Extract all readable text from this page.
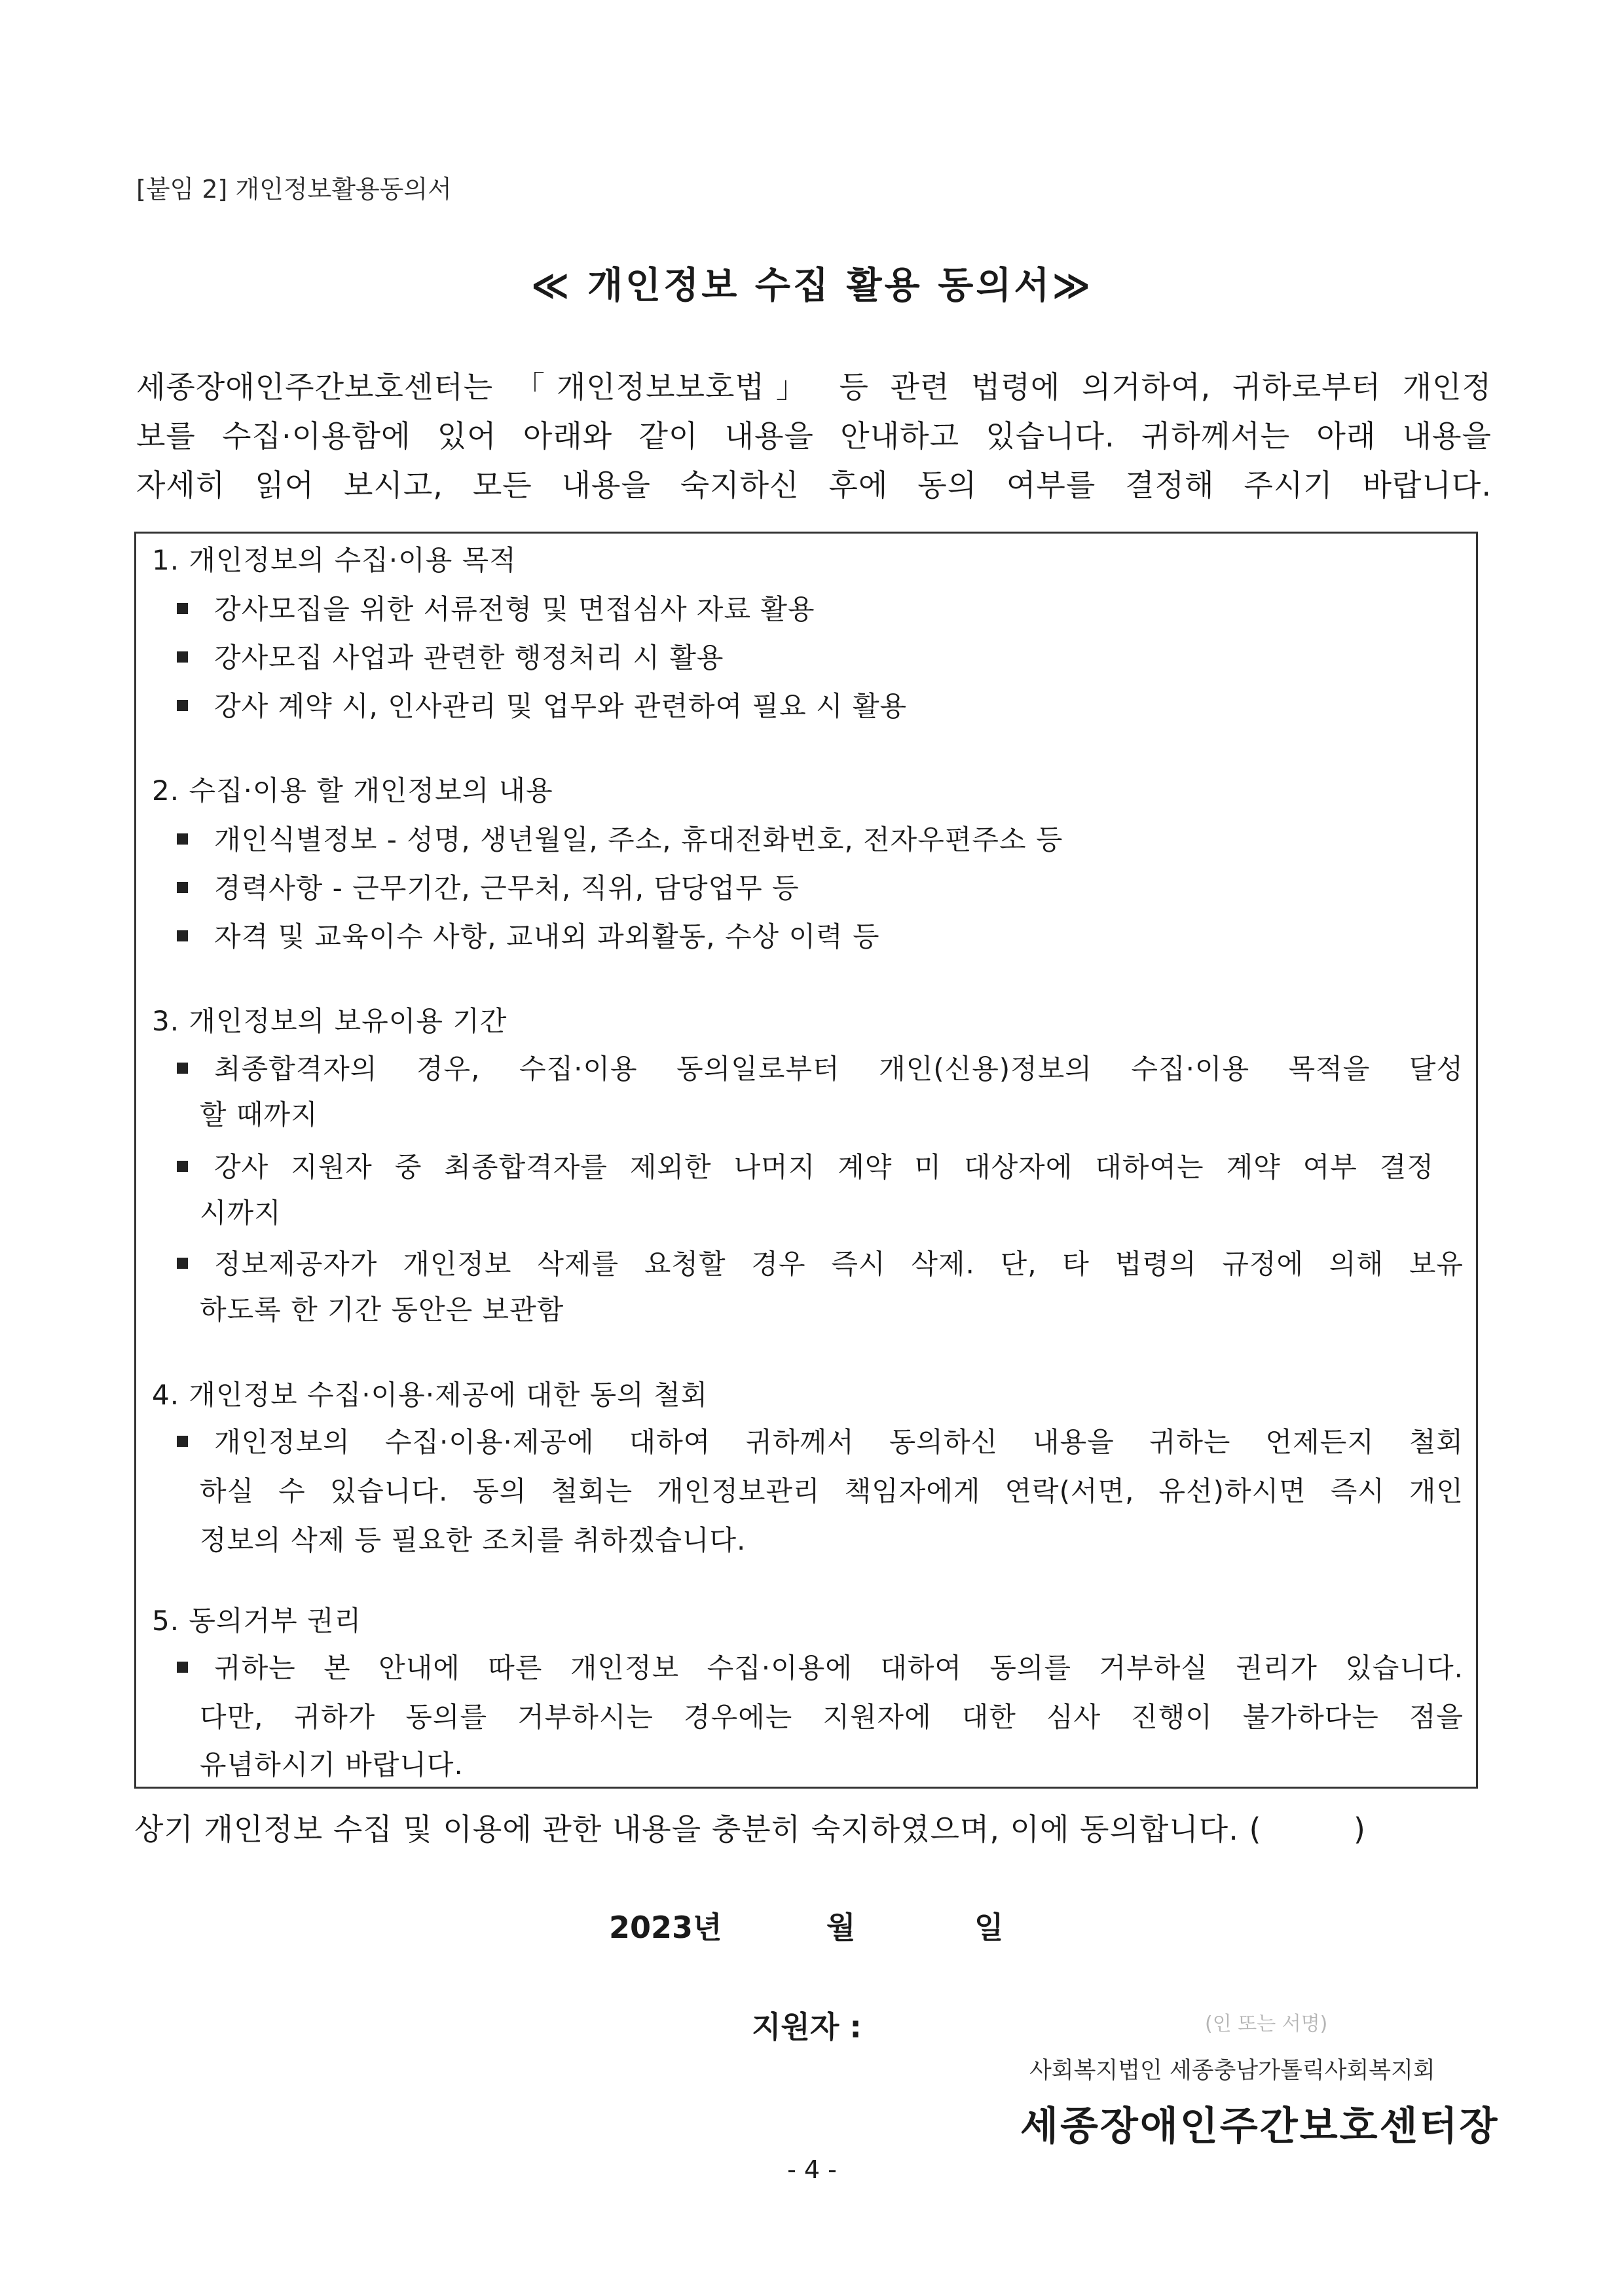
[붙임 2] 개인정보활용동의서
≪ 개인정보 수집 활용 동의서≫
세종장애인주간보호센터는 「개인정보보호법」 등 관련 법령에 의거하여, 귀하로부터 개인정
보를 수집·이용함에 있어 아래와 같이 내용을 안내하고 있습니다. 귀하께서는 아래 내용을
자세히 읽어 보시고, 모든 내용을 숙지하신 후에 동의 여부를 결정해 주시기 바랍니다.
1. 개인정보의 수집·이용 목적
강사모집을 위한 서류전형 및 면접심사 자료 활용
강사모집 사업과 관련한 행정처리 시 활용
강사 계약 시, 인사관리 및 업무와 관련하여 필요 시 활용
2. 수집·이용 할 개인정보의 내용
개인식별정보 - 성명, 생년월일, 주소, 휴대전화번호, 전자우편주소 등
경력사항 - 근무기간, 근무처, 직위, 담당업무 등
자격 및 교육이수 사항, 교내외 과외활동, 수상 이력 등
3. 개인정보의 보유이용 기간
최종합격자의 경우, 수집·이용 동의일로부터 개인(신용)정보의 수집·이용 목적을 달성
할 때까지
강사 지원자 중 최종합격자를 제외한 나머지 계약 미 대상자에 대하여는 계약 여부 결정
시까지
정보제공자가 개인정보 삭제를 요청할 경우 즉시 삭제. 단, 타 법령의 규정에 의해 보유
하도록 한 기간 동안은 보관함
4. 개인정보 수집·이용·제공에 대한 동의 철회
개인정보의 수집·이용·제공에 대하여 귀하께서 동의하신 내용을 귀하는 언제든지 철회
하실 수 있습니다. 동의 철회는 개인정보관리 책임자에게 연락(서면, 유선)하시면 즉시 개인
정보의 삭제 등 필요한 조치를 취하겠습니다.
5. 동의거부 권리
귀하는 본 안내에 따른 개인정보 수집·이용에 대하여 동의를 거부하실 권리가 있습니다.
다만, 귀하가 동의를 거부하시는 경우에는 지원자에 대한 심사 진행이 불가하다는 점을
유념하시기 바랍니다.
상기 개인정보 수집 및 이용에 관한 내용을 충분히 숙지하였으며, 이에 동의합니다. (         )
2023년	월	일
지원자 :	(인 또는 서명)
사회복지법인 세종충남가톨릭사회복지회
세종장애인주간보호센터장
- 4 -
